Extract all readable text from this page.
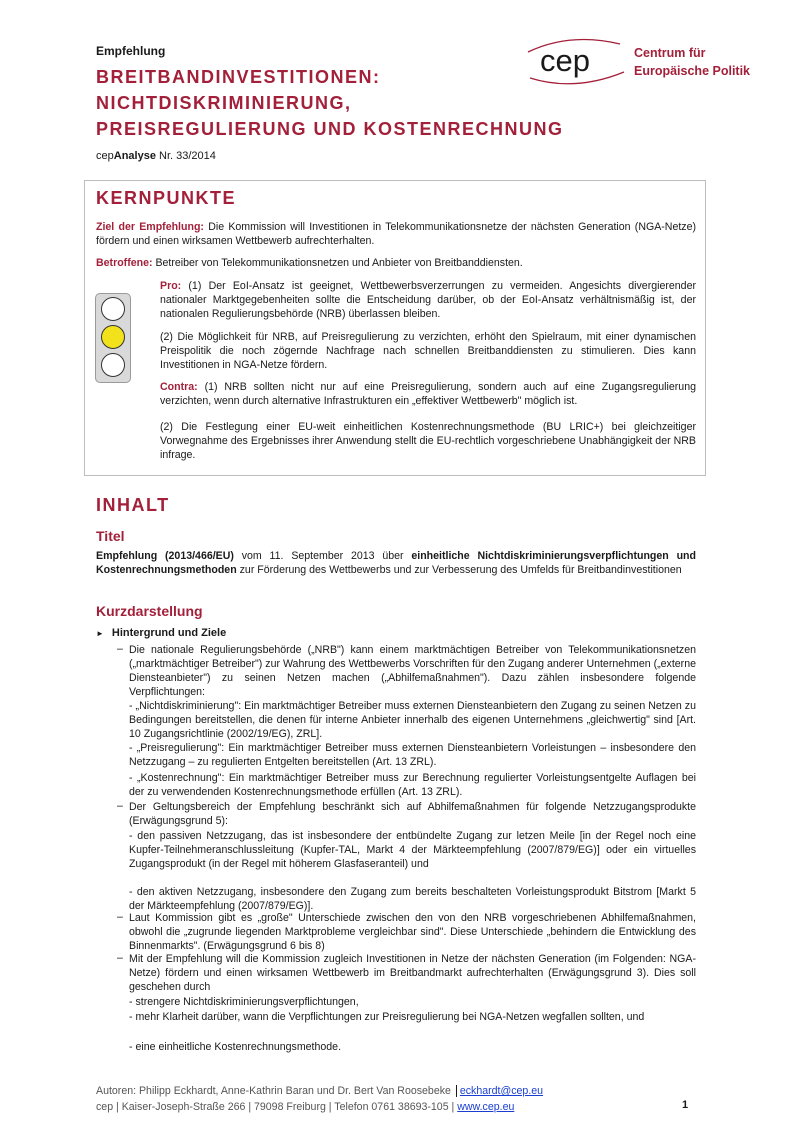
Empfehlung
BREITBANDINVESTITIONEN:
NICHTDISKRIMINIERUNG,
PREISREGULIERUNG UND KOSTENRECHNUNG
cepAnalyse Nr. 33/2014
cep	Centrum für
Europäische Politik
KERNPUNKTE
Ziel der Empfehlung: Die Kommission will Investitionen in Telekommunikationsnetze der nächsten Generation (NGA-Netze) fördern und einen wirksamen Wettbewerb aufrechterhalten.
Betroffene: Betreiber von Telekommunikationsnetzen und Anbieter von Breitbanddiensten.
Pro: (1) Der EoI-Ansatz ist geeignet, Wettbewerbsverzerrungen zu vermeiden. Angesichts divergierender nationaler Marktgegebenheiten sollte die Entscheidung darüber, ob der EoI-Ansatz verhältnismäßig ist, der nationalen Regulierungsbehörde (NRB) überlassen bleiben.
(2) Die Möglichkeit für NRB, auf Preisregulierung zu verzichten, erhöht den Spielraum, mit einer dynamischen Preispolitik die noch zögernde Nachfrage nach schnellen Breitbanddiensten zu stimulieren. Dies kann Investitionen in NGA-Netze fördern.
Contra: (1) NRB sollten nicht nur auf eine Preisregulierung, sondern auch auf eine Zugangsregulierung verzichten, wenn durch alternative Infrastrukturen ein „effektiver Wettbewerb" möglich ist.
(2) Die Festlegung einer EU-weit einheitlichen Kostenrechnungsmethode (BU LRIC+) bei gleichzeitiger Vorwegnahme des Ergebnisses ihrer Anwendung stellt die EU-rechtlich vorgeschriebene Unabhängigkeit der NRB infrage.
INHALT
Titel
Empfehlung (2013/466/EU) vom 11. September 2013 über einheitliche Nichtdiskriminierungsverpflichtungen und Kostenrechnungsmethoden zur Förderung des Wettbewerbs und zur Verbesserung des Umfelds für Breitbandinvestitionen
Kurzdarstellung
► Hintergrund und Ziele
– Die nationale Regulierungsbehörde („NRB") kann einem marktmächtigen Betreiber von Telekommunikationsnetzen („marktmächtiger Betreiber") zur Wahrung des Wettbewerbs Vorschriften für den Zugang anderer Unternehmen („externe Diensteanbieter") zu seinen Netzen machen („Abhilfemaßnahmen"). Dazu zählen insbesondere folgende Verpflichtungen:
- „Nichtdiskriminierung": Ein marktmächtiger Betreiber muss externen Diensteanbietern den Zugang zu seinen Netzen zu Bedingungen bereitstellen, die denen für interne Anbieter innerhalb des eigenen Unternehmens „gleichwertig" sind [Art. 10 Zugangsrichtlinie (2002/19/EG), ZRL].
- „Preisregulierung": Ein marktmächtiger Betreiber muss externen Diensteanbietern Vorleistungen – insbesondere den Netzzugang – zu regulierten Entgelten bereitstellen (Art. 13 ZRL).
- „Kostenrechnung": Ein marktmächtiger Betreiber muss zur Berechnung regulierter Vorleistungsentgelte Auflagen bei der zu verwendenden Kostenrechnungsmethode erfüllen (Art. 13 ZRL).
– Der Geltungsbereich der Empfehlung beschränkt sich auf Abhilfemaßnahmen für folgende Netzzugangsprodukte (Erwägungsgrund 5):
- den passiven Netzzugang, das ist insbesondere der entbündelte Zugang zur letzen Meile [in der Regel noch eine Kupfer-Teilnehmeranschlussleitung (Kupfer-TAL, Markt 4 der Märkteempfehlung (2007/879/EG)] oder ein virtuelles Zugangsprodukt (in der Regel mit höherem Glasfaseranteil) und
- den aktiven Netzzugang, insbesondere den Zugang zum bereits beschalteten Vorleistungsprodukt Bitstrom [Markt 5 der Märkteempfehlung (2007/879/EG)].
– Laut Kommission gibt es „große" Unterschiede zwischen den von den NRB vorgeschriebenen Abhilfemaßnahmen, obwohl die „zugrunde liegenden Marktprobleme vergleichbar sind". Diese Unterschiede „behindern die Entwicklung des Binnenmarkts". (Erwägungsgrund 6 bis 8)
– Mit der Empfehlung will die Kommission zugleich Investitionen in Netze der nächsten Generation (im Folgenden: NGA-Netze) fördern und einen wirksamen Wettbewerb im Breitbandmarkt aufrechterhalten (Erwägungsgrund 3). Dies soll geschehen durch
- strengere Nichtdiskriminierungsverpflichtungen,
- mehr Klarheit darüber, wann die Verpflichtungen zur Preisregulierung bei NGA-Netzen wegfallen sollten, und
- eine einheitliche Kostenrechnungsmethode.
Autoren: Philipp Eckhardt, Anne-Kathrin Baran und Dr. Bert Van Roosebeke eckhardt@cep.eu
cep | Kaiser-Joseph-Straße 266 | 79098 Freiburg | Telefon 0761 38693-105 | www.cep.eu	1
